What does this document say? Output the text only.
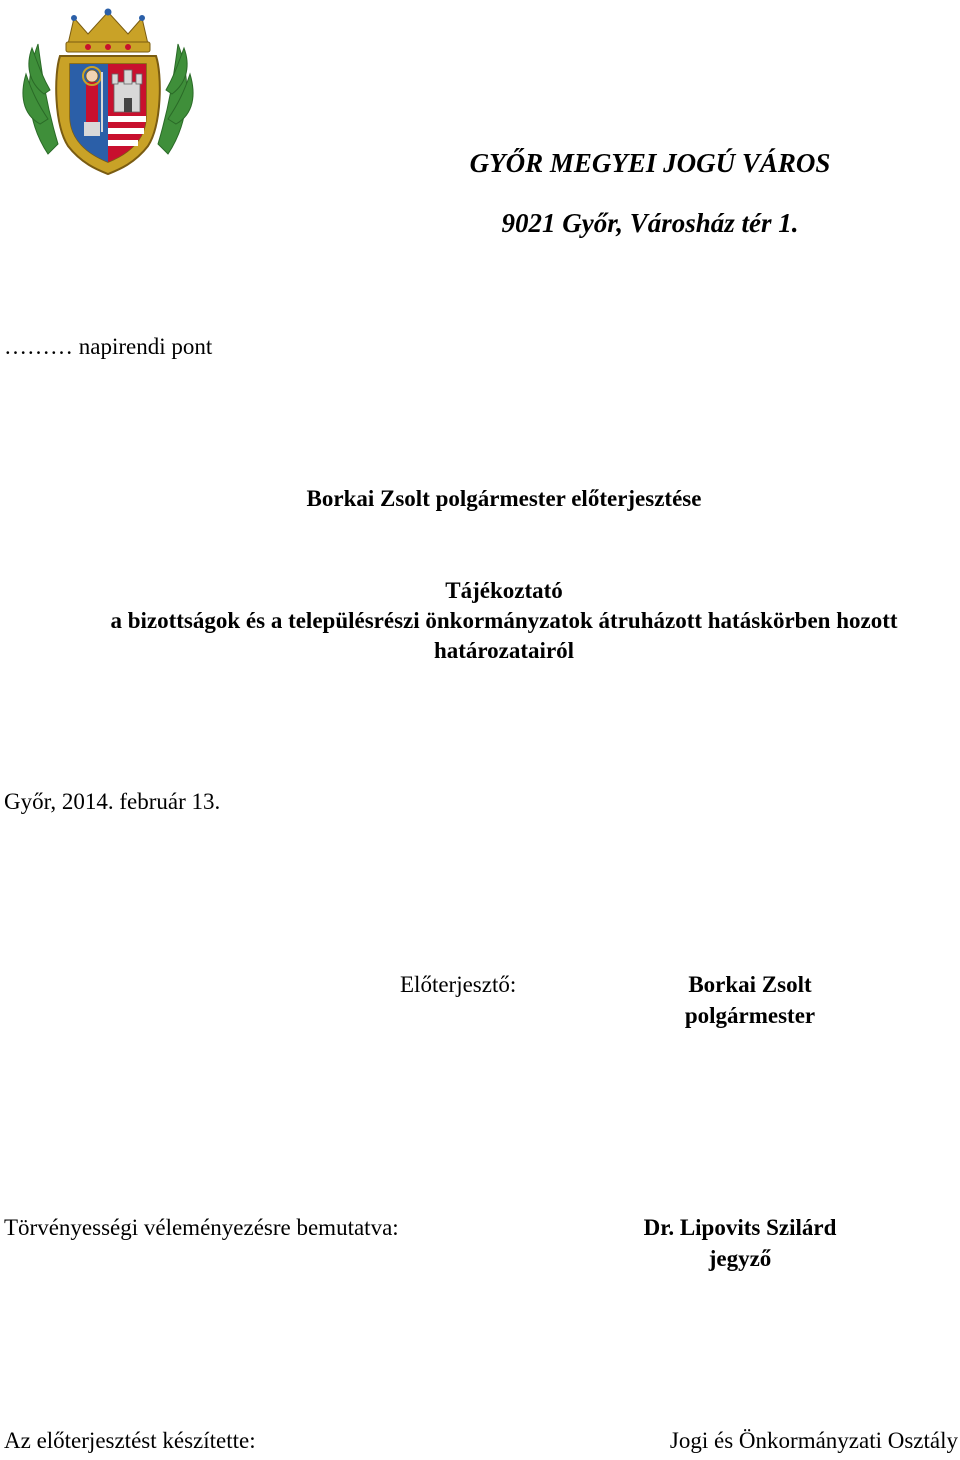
GYŐR MEGYEI JOGÚ VÁROS
9021 Győr, Városház tér 1.
……… napirendi pont
Borkai Zsolt polgármester előterjesztése
Tájékoztató
a bizottságok és a településrészi önkormányzatok átruházott hatáskörben hozott
határozatairól
Győr, 2014. február 13.
Előterjesztő:	Borkai Zsolt
polgármester
Törvényességi véleményezésre bemutatva:	Dr. Lipovits Szilárd
jegyző
Az előterjesztést készítette:	Jogi és Önkormányzati Osztály
